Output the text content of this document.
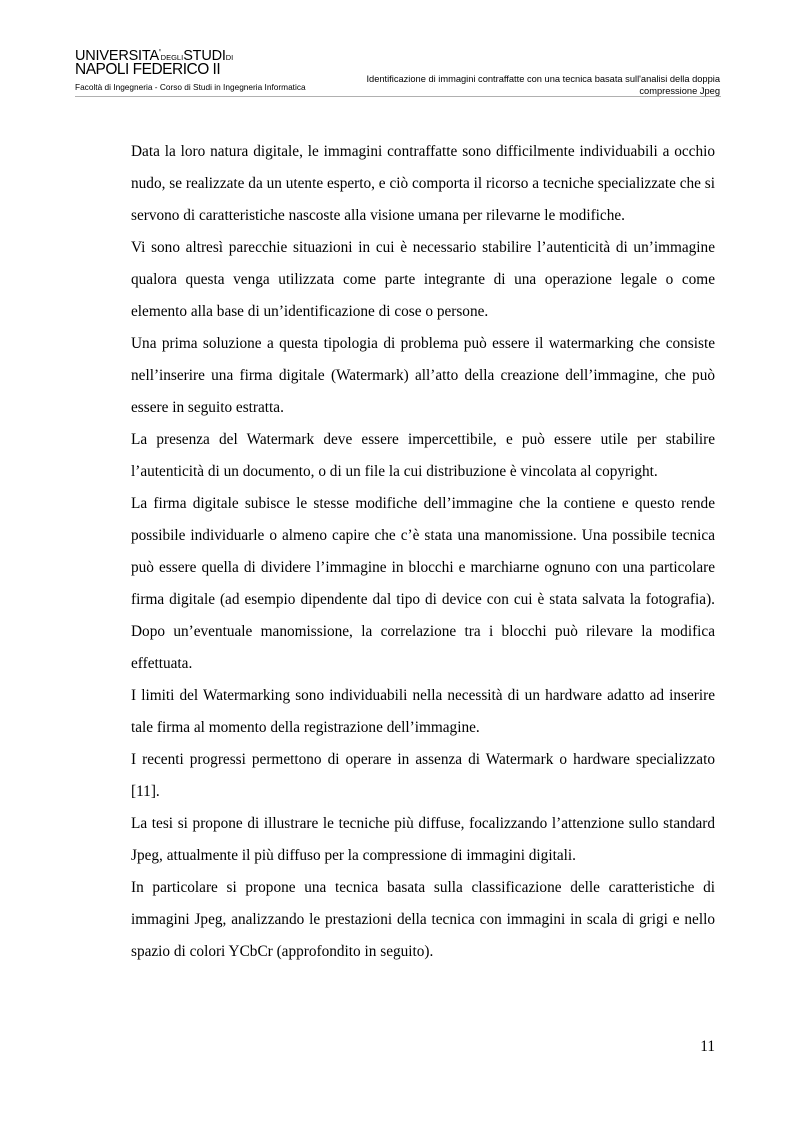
UNIVERSITA'DEGLISTUDIDI
NAPOLI FEDERICO II
Facoltà di Ingegneria - Corso di Studi in Ingegneria Informatica
Identificazione di immagini contraffatte con una tecnica basata sull'analisi della doppia
compressione Jpeg

Data la loro natura digitale, le immagini contraffatte sono difficilmente individuabili a occhio nudo, se realizzate da un utente esperto, e ciò comporta il ricorso a tecniche specializzate che si servono di caratteristiche nascoste alla visione umana per rilevarne le modifiche.

Vi sono altresì parecchie situazioni in cui è necessario stabilire l’autenticità di un’immagine qualora questa venga utilizzata come parte integrante di una operazione legale o come elemento alla base di un’identificazione di cose o persone.

Una prima soluzione a questa tipologia di problema può essere il watermarking che consiste nell’inserire una firma digitale (Watermark) all’atto della creazione dell’immagine, che può essere in seguito estratta.

La presenza del Watermark deve essere impercettibile, e può essere utile per stabilire l’autenticità di un documento, o di un file la cui distribuzione è vincolata al copyright.

La firma digitale subisce le stesse modifiche dell’immagine che la contiene e questo rende possibile individuarle o almeno capire che c’è stata una manomissione. Una possibile tecnica può essere quella di dividere l’immagine in blocchi e marchiarne ognuno con una particolare firma digitale (ad esempio dipendente dal tipo di device con cui è stata salvata la fotografia). Dopo un’eventuale manomissione, la correlazione tra i blocchi può rilevare la modifica effettuata.

I limiti del Watermarking sono individuabili nella necessità di un hardware adatto ad inserire tale firma al momento della registrazione dell’immagine.

I recenti progressi permettono di operare in assenza di Watermark o hardware specializzato [11].

La tesi si propone di illustrare le tecniche più diffuse, focalizzando l’attenzione sullo standard Jpeg, attualmente il più diffuso per la compressione di immagini digitali.

In particolare si propone una tecnica basata sulla classificazione delle caratteristiche di immagini Jpeg, analizzando le prestazioni della tecnica con immagini in scala di grigi e nello spazio di colori YCbCr (approfondito in seguito).

11
